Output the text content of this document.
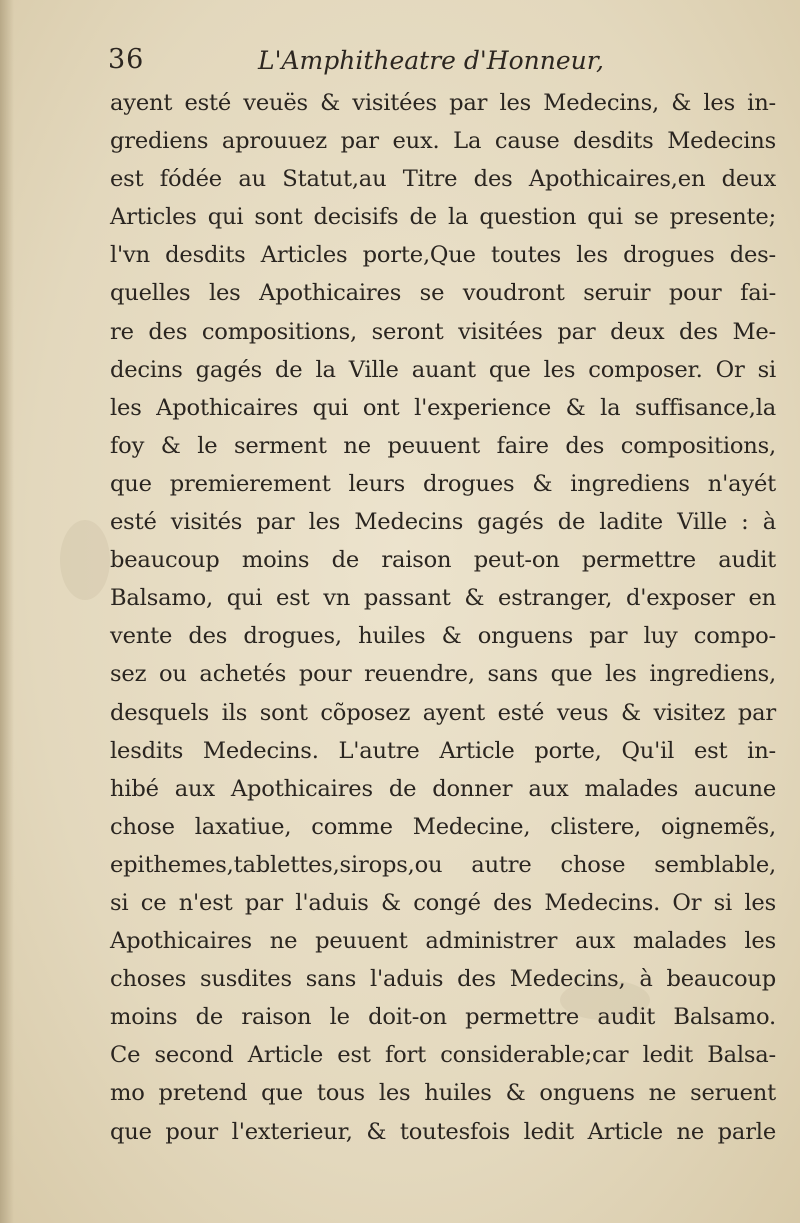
36	L'Amphitheatre d'Honneur,
ayent esté veuës & visitées par les Medecins, & les in-
grediens aprouuez par eux. La cause desdits Medecins
est fódée au Statut,au Titre des Apothicaires,en deux
Articles qui sont decisifs de la question qui se presente;
l'vn desdits Articles porte,Que toutes les drogues des-
quelles les Apothicaires se voudront seruir pour fai-
re des compositions, seront visitées par deux des Me-
decins gagés de la Ville auant que les composer. Or si
les Apothicaires qui ont l'experience & la suffisance,la
foy & le serment ne peuuent faire des compositions,
que premierement leurs drogues & ingrediens n'ayét
esté visités par les Medecins gagés de ladite Ville : à
beaucoup moins de raison peut-on permettre audit
Balsamo, qui est vn passant & estranger, d'exposer en
vente des drogues, huiles & onguens par luy compo-
sez ou achetés pour reuendre, sans que les ingrediens,
desquels ils sont cõposez ayent esté veus & visitez par
lesdits Medecins. L'autre Article porte, Qu'il est in-
hibé aux Apothicaires de donner aux malades aucune
chose laxatiue, comme Medecine, clistere, oignemẽs,
epithemes,tablettes,sirops,ou autre chose semblable,
si ce n'est par l'aduis & congé des Medecins. Or si les
Apothicaires ne peuuent administrer aux malades les
choses susdites sans l'aduis des Medecins, à beaucoup
moins de raison le doit-on permettre audit Balsamo.
Ce second Article est fort considerable;car ledit Balsa-
mo pretend que tous les huiles & onguens ne seruent
que pour l'exterieur, & toutesfois ledit Article ne parle
